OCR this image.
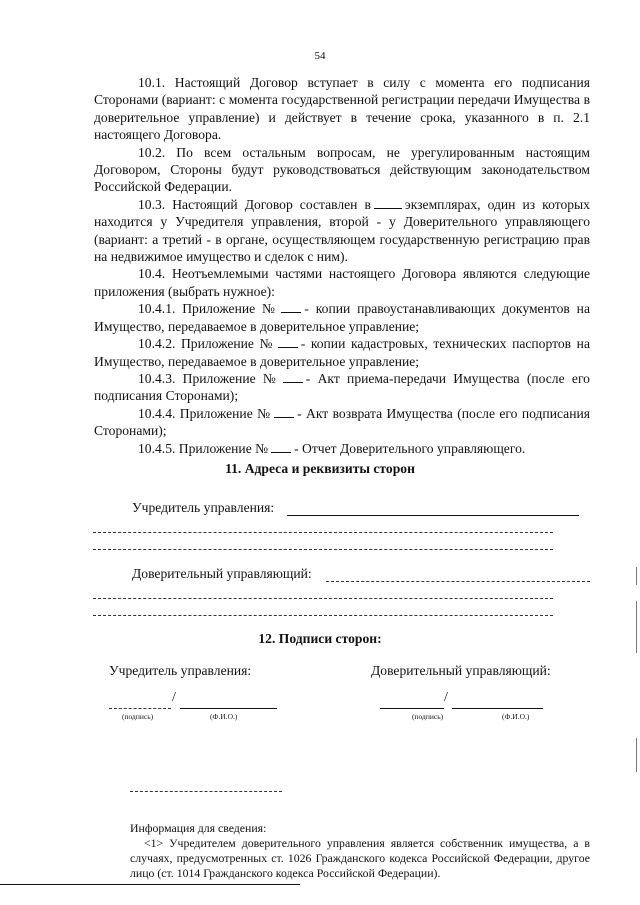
54

10.1. Настоящий Договор вступает в силу с момента его подписания Сторонами (вариант: с момента государственной регистрации передачи Имущества в доверительное управление) и действует в течение срока, указанного в п. 2.1 настоящего Договора.

10.2. По всем остальным вопросам, не урегулированным настоящим Договором, Стороны будут руководствоваться действующим законодательством Российской Федерации.

10.3. Настоящий Договор составлен в	экземплярах, один из которых находится у Учредителя управления, второй - у Доверительного управляющего (вариант: а третий - в органе, осуществляющем государственную регистрацию прав на недвижимое имущество и сделок с ним).

10.4. Неотъемлемыми частями настоящего Договора являются следующие приложения (выбрать нужное):

10.4.1. Приложение № - копии правоустанавливающих документов на Имущество, передаваемое в доверительное управление;

10.4.2. Приложение № - копии кадастровых, технических паспортов на Имущество, передаваемое в доверительное управление;

10.4.3. Приложение № - Акт приема-передачи Имущества (после его подписания Сторонами);

10.4.4. Приложение № - Акт возврата Имущества (после его подписания Сторонами);

10.4.5. Приложение № - Отчет Доверительного управляющего.

11. Адреса и реквизиты сторон
Учредитель управления:
Доверительный управляющий:
12. Подписи сторон:
Учредитель управления:	Доверительный управляющий:
/
(подпись)	(Ф.И.О.)
/
(подпись)	(Ф.И.О.)

Информация для сведения:

<1> Учредителем доверительного управления является собственник имущества, а в случаях, предусмотренных ст. 1026 Гражданского кодекса Российской Федерации, другое лицо (ст. 1014 Гражданского кодекса Российской Федерации).
